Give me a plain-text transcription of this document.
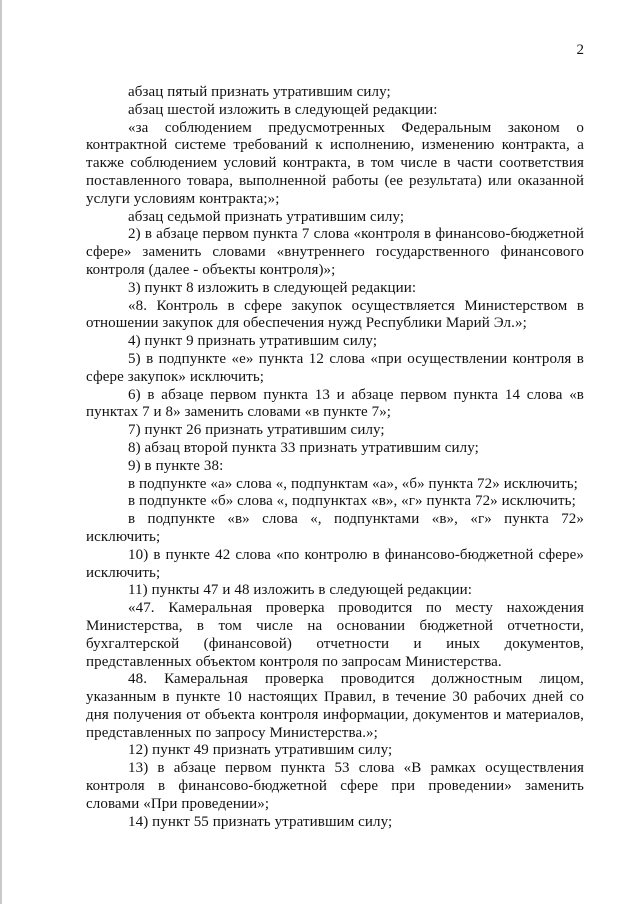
2

абзац пятый признать утратившим силу;

абзац шестой изложить в следующей редакции:

«за соблюдением предусмотренных Федеральным законом о контрактной системе требований к исполнению, изменению контракта, а также соблюдением условий контракта, в том числе в части соответствия поставленного товара, выполненной работы (ее результата) или оказанной услуги условиям контракта;»;

абзац седьмой признать утратившим силу;

2) в абзаце первом пункта 7 слова «контроля в финансово-бюджетной сфере» заменить словами «внутреннего государственного финансового контроля (далее - объекты контроля)»;

3) пункт 8 изложить в следующей редакции:

«8. Контроль в сфере закупок осуществляется Министерством в отношении закупок для обеспечения нужд Республики Марий Эл.»;

4) пункт 9 признать утратившим силу;

5) в подпункте «е» пункта 12 слова «при осуществлении контроля в сфере закупок» исключить;

6) в абзаце первом пункта 13 и абзаце первом пункта 14 слова «в пунктах 7 и 8» заменить словами «в пункте 7»;

7) пункт 26 признать утратившим силу;

8) абзац второй пункта 33 признать утратившим силу;

9) в пункте 38:

в подпункте «а» слова «, подпунктам «а», «б» пункта 72» исключить;

в подпункте «б» слова «, подпунктах «в», «г» пункта 72» исключить;

в подпункте «в» слова «, подпунктами «в», «г» пункта 72» исключить;

10) в пункте 42 слова «по контролю в финансово-бюджетной сфере» исключить;

11) пункты 47 и 48 изложить в следующей редакции:

«47. Камеральная проверка проводится по месту нахождения Министерства, в том числе на основании бюджетной отчетности, бухгалтерской (финансовой) отчетности и иных документов, представленных объектом контроля по запросам Министерства.

48. Камеральная проверка проводится должностным лицом, указанным в пункте 10 настоящих Правил, в течение 30 рабочих дней со дня получения от объекта контроля информации, документов и материалов, представленных по запросу Министерства.»;

12) пункт 49 признать утратившим силу;

13) в абзаце первом пункта 53 слова «В рамках осуществления контроля в финансово-бюджетной сфере при проведении» заменить словами «При проведении»;

14) пункт 55 признать утратившим силу;
